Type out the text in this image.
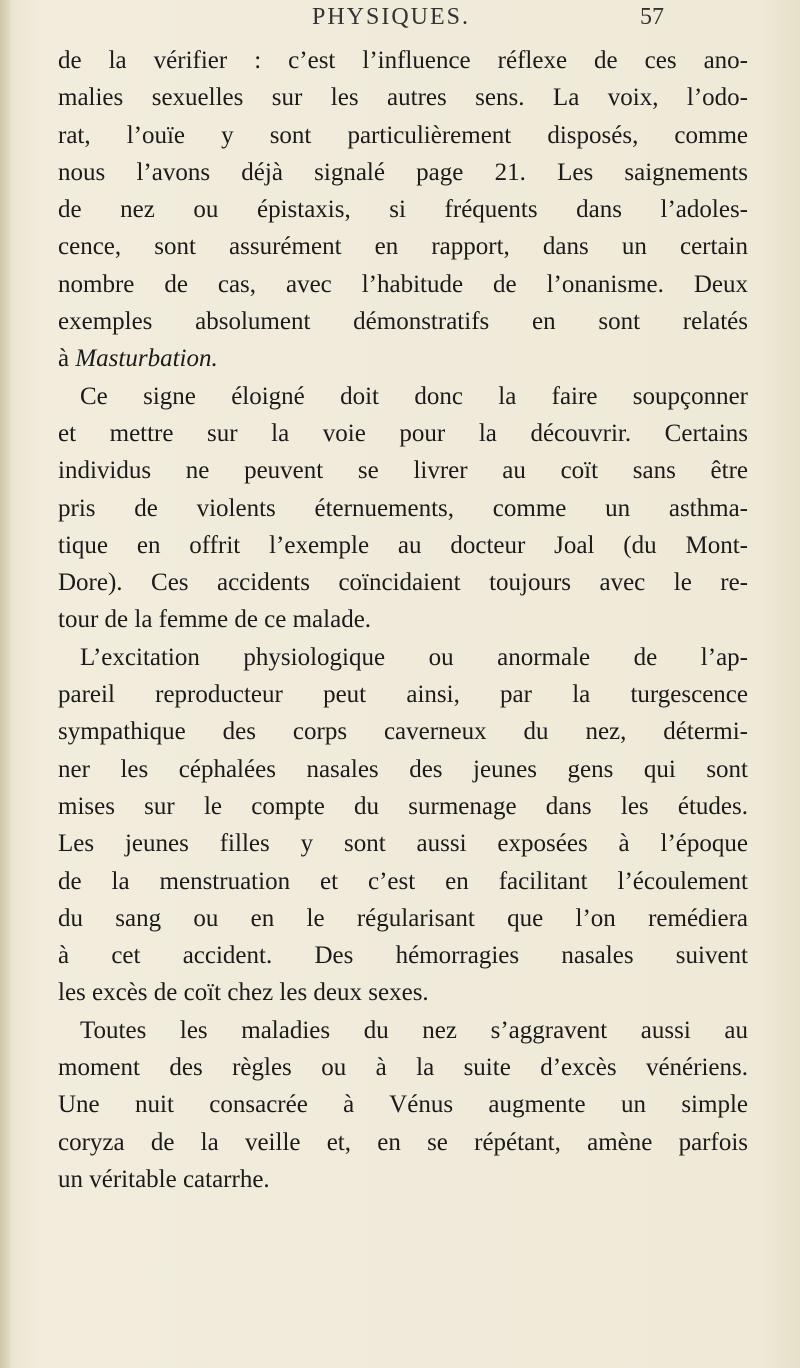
PHYSIQUES.	57
de la vérifier : c’est l’influence réflexe de ces ano-
malies sexuelles sur les autres sens. La voix, l’odo-
rat, l’ouïe y sont particulièrement disposés, comme
nous l’avons déjà signalé page 21. Les saignements
de nez ou épistaxis, si fréquents dans l’adoles-
cence, sont assurément en rapport, dans un certain
nombre de cas, avec l’habitude de l’onanisme. Deux
exemples absolument démonstratifs en sont relatés
à Masturbation.
Ce signe éloigné doit donc la faire soupçonner
et mettre sur la voie pour la découvrir. Certains
individus ne peuvent se livrer au coït sans être
pris de violents éternuements, comme un asthma-
tique en offrit l’exemple au docteur Joal (du Mont-
Dore). Ces accidents coïncidaient toujours avec le re-
tour de la femme de ce malade.
L’excitation physiologique ou anormale de l’ap-
pareil reproducteur peut ainsi, par la turgescence
sympathique des corps caverneux du nez, détermi-
ner les céphalées nasales des jeunes gens qui sont
mises sur le compte du surmenage dans les études.
Les jeunes filles y sont aussi exposées à l’époque
de la menstruation et c’est en facilitant l’écoulement
du sang ou en le régularisant que l’on remédiera
à cet accident. Des hémorragies nasales suivent
les excès de coït chez les deux sexes.
Toutes les maladies du nez s’aggravent aussi au
moment des règles ou à la suite d’excès vénériens.
Une nuit consacrée à Vénus augmente un simple
coryza de la veille et, en se répétant, amène parfois
un véritable catarrhe.
